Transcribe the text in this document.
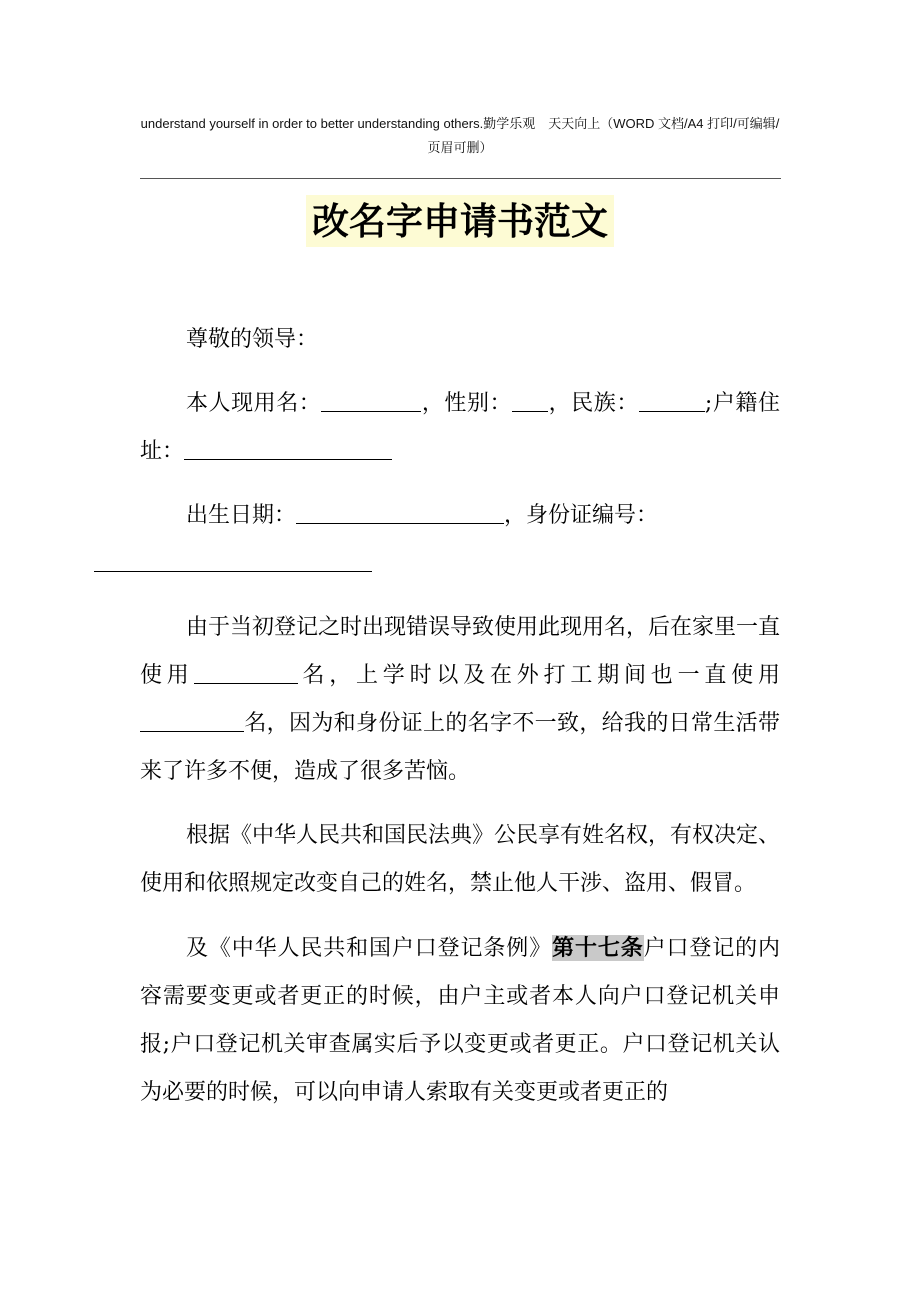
understand yourself in order to better understanding others.勤学乐观　天天向上（WORD 文档/A4 打印/可编辑/页眉可删）
改名字申请书范文

尊敬的领导：

本人现用名：	，性别： ，民族：	;户籍住址：

出生日期：	，身份证编号：

由于当初登记之时出现错误导致使用此现用名，后在家里一直使用	名，上学时以及在外打工期间也一直使用名，因为和身份证上的名字不一致，给我的日常生活带来了许多不便，造成了很多苦恼。

根据《中华人民共和国民法典》公民享有姓名权，有权决定、使用和依照规定改变自己的姓名，禁止他人干涉、盗用、假冒。

及《中华人民共和国户口登记条例》第十七条户口登记的内容需要变更或者更正的时候，由户主或者本人向户口登记机关申报;户口登记机关审查属实后予以变更或者更正。户口登记机关认为必要的时候，可以向申请人索取有关变更或者更正的
